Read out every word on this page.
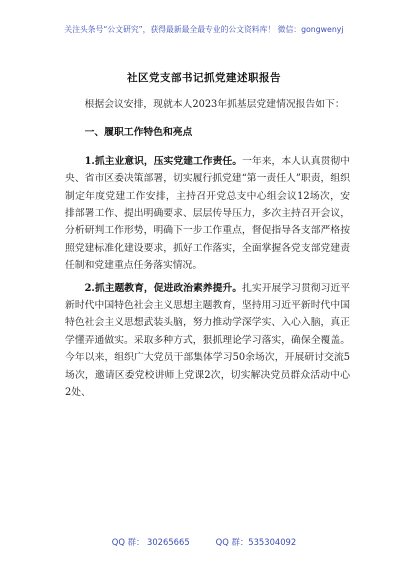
关注头条号“公文研究”，获得最新最全最专业的公文资料库！ 微信：gongwenyj
社区党支部书记抓党建述职报告

根据会议安排，现就本人2023年抓基层党建情况报告如下：

一、履职工作特色和亮点

1.抓主业意识，压实党建工作责任。一年来，本人认真贯彻中央、省市区委决策部署，切实履行抓党建“第一责任人”职责，组织制定年度党建工作安排，主持召开党总支中心组会议12场次，安排部署工作、提出明确要求、层层传导压力，多次主持召开会议，分析研判工作形势，明确下一步工作重点，督促指导各支部严格按照党建标准化建设要求，抓好工作落实，全面掌握各党支部党建责任制和党建重点任务落实情况。

2.抓主题教育，促进政治素养提升。扎实开展学习贯彻习近平新时代中国特色社会主义思想主题教育，坚持用习近平新时代中国特色社会主义思想武装头脑，努力推动学深学实、入心入脑，真正学懂弄通做实。采取多种方式，狠抓理论学习落实，确保全覆盖。今年以来，组织广大党员干部集体学习50余场次，开展研讨交流5场次，邀请区委党校讲师上党课2次，切实解决党员群众活动中心2处、

QQ 群： 30265665	QQ 群：535304092
